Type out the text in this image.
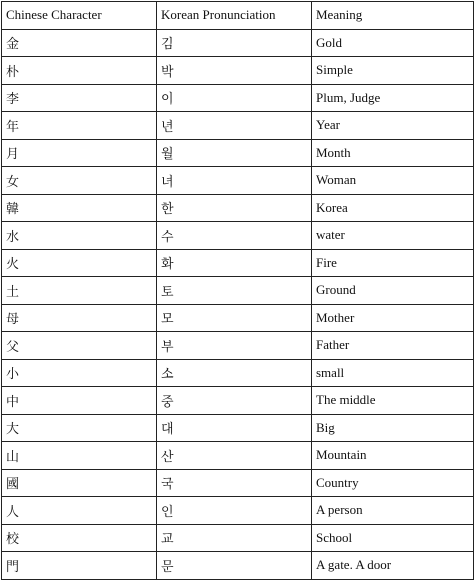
Chinese Character	Korean Pronunciation	Meaning
金	김	Gold
朴	박	Simple
李	이	Plum, Judge
年	년	Year
月	월	Month
女	녀	Woman
韓	한	Korea
水	수	water
火	화	Fire
土	토	Ground
母	모	Mother
父	부	Father
小	소	small
中	중	The middle
大	대	Big
山	산	Mountain
國	국	Country
人	인	A person
校	교	School
門	문	A gate. A door
